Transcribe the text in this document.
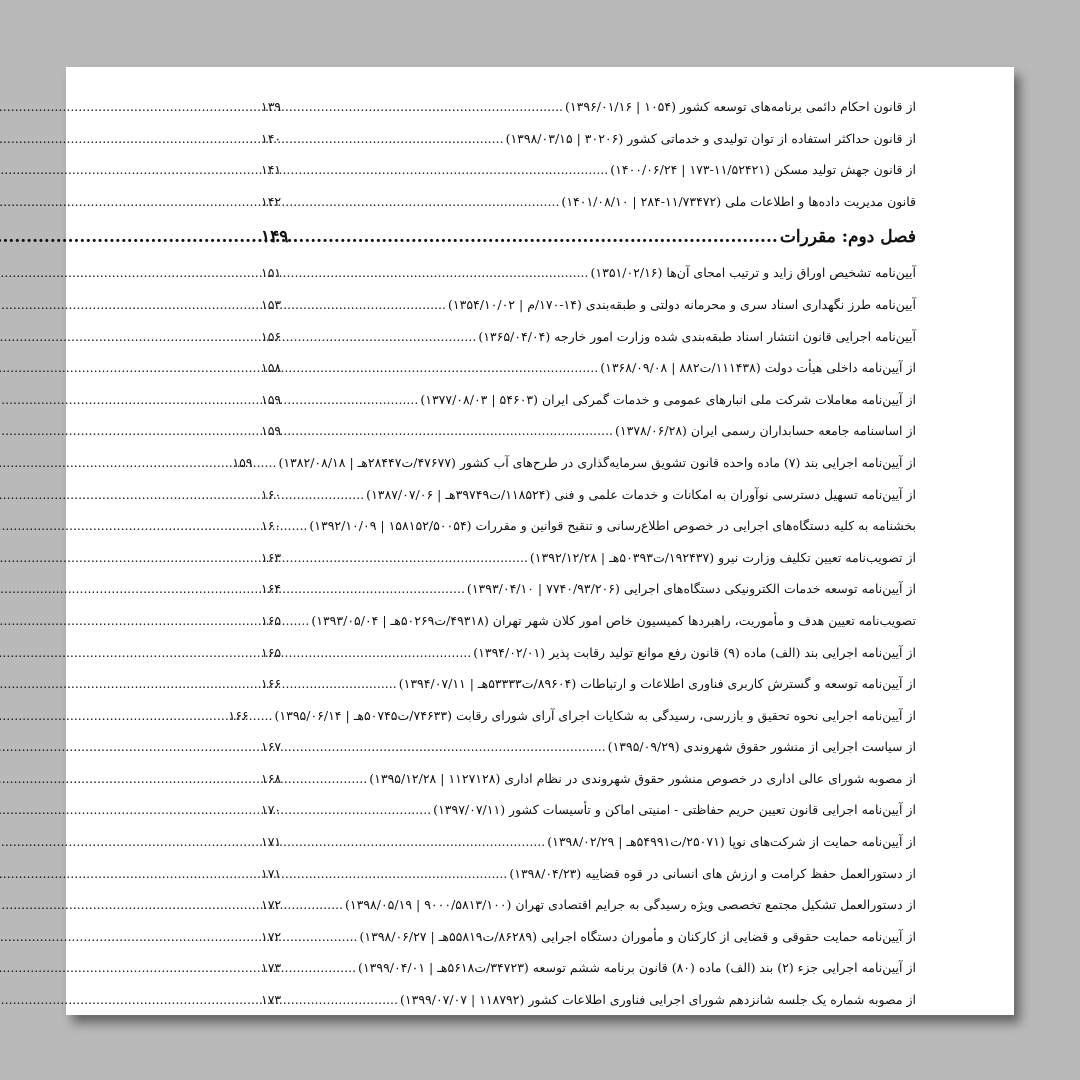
از قانون احکام دائمی برنامه‌های توسعه کشور (۱۰۵۴ | ۱۳۹۶/۰۱/۱۶)
.....
۱۳۹
از قانون حداکثر استفاده از توان تولیدی و خدماتی کشور (۳۰۲۰۶ | ۱۳۹۸/۰۳/۱۵)
.....
۱۴۰
از قانون جهش تولید مسکن (۱۱/۵۲۴۲۱-۱۷۳ | ۱۴۰۰/۰۶/۲۴)
.....
۱۴۱
قانون مدیریت داده‌ها و اطلاعات ملی (۱۱/۷۳۴۷۲-۲۸۴ | ۱۴۰۱/۰۸/۱۰)
.....
۱۴۲
فصل دوم: مقررات
.....
۱۴۹
آیین‌نامه تشخیص اوراق زاید و ترتیب امحای آن‌ها (۱۳۵۱/۰۲/۱۶)
.....
۱۵۱
آیین‌نامه طرز نگهداری اسناد سری و محرمانه دولتی و طبقه‌بندی (۱۴-۱۷۰/م | ۱۳۵۴/۱۰/۰۲)
.....
۱۵۳
آیین‌نامه اجرایی قانون انتشار اسناد طبقه‌بندی شده وزارت امور خارجه (۱۳۶۵/۰۴/۰۴)
.....
۱۵۶
از آیین‌نامه داخلی هیأت دولت (۱۱۱۴۳۸/ت۸۸۲ | ۱۳۶۸/۰۹/۰۸)
.....
۱۵۸
از آیین‌نامه معاملات شرکت ملی انبارهای عمومی و خدمات گمرکی ایران (۵۴۶۰۳ | ۱۳۷۷/۰۸/۰۳)
.....
۱۵۹
از اساسنامه جامعه حسابداران رسمی ایران (۱۳۷۸/۰۶/۲۸)
.....
۱۵۹
از آیین‌نامه اجرایی بند (۷) ماده واحده قانون تشویق سرمایه‌گذاری در طرح‌های آب کشور (۴۷۶۷۷/ت۲۸۴۴۷هـ | ۱۳۸۲/۰۸/۱۸)
.....
۱۵۹
از آیین‌نامه تسهیل دسترسی نوآوران به امکانات و خدمات علمی و فنی (۱۱۸۵۲۴/ت۳۹۷۴۹هـ | ۱۳۸۷/۰۷/۰۶)
.....
۱۶۰
بخشنامه به کلیه دستگاه‌های اجرایی در خصوص اطلاع‌رسانی و تنقیح قوانین و مقررات (۱۵۸۱۵۲/۵۰۰۵۴ | ۱۳۹۲/۱۰/۰۹)
.....
۱۶۰
از تصویب‌نامه تعیین تکلیف وزارت نیرو (۱۹۲۴۳۷/ت۵۰۳۹۳هـ | ۱۳۹۲/۱۲/۲۸)
.....
۱۶۳
از آیین‌نامه توسعه خدمات الکترونیکی دستگاه‌های اجرایی (۷۷۴۰/۹۳/۲۰۶ | ۱۳۹۳/۰۴/۱۰)
.....
۱۶۴
تصویب‌نامه تعیین هدف و مأموریت، راهبردها کمیسیون خاص امور کلان شهر تهران (۴۹۳۱۸/ت۵۰۲۶۹هـ | ۱۳۹۳/۰۵/۰۴)
.....
۱۶۵
از آیین‌نامه اجرایی بند (الف) ماده (۹) قانون رفع موانع تولید رقابت پذیر (۱۳۹۴/۰۲/۰۱)
.....
۱۶۵
از آیین‌نامه توسعه و گسترش کاربری فناوری اطلاعات و ارتباطات (۸۹۶۰۴/ت۵۳۳۳۳هـ | ۱۳۹۴/۰۷/۱۱)
.....
۱۶۶
از آیین‌نامه اجرایی نحوه تحقیق و بازرسی، رسیدگی به شکایات اجرای آرای شورای رقابت (۷۴۶۳۳/ت۵۰۷۴۵هـ | ۱۳۹۵/۰۶/۱۴)
.....
۱۶۶
از سیاست اجرایی از منشور حقوق شهروندی (۱۳۹۵/۰۹/۲۹)
.....
۱۶۷
از مصوبه شورای عالی اداری در خصوص منشور حقوق شهروندی در نظام اداری (۱۱۲۷۱۲۸ | ۱۳۹۵/۱۲/۲۸)
.....
۱۶۸
از آیین‌نامه اجرایی قانون تعیین حریم حفاظتی - امنیتی اماکن و تأسیسات کشور (۱۳۹۷/۰۷/۱۱)
.....
۱۷۰
از آیین‌نامه حمایت از شرکت‌های نوپا (۲۵۰۷۱/ت۵۴۹۹۱هـ | ۱۳۹۸/۰۲/۲۹)
.....
۱۷۱
از دستورالعمل حفظ کرامت و ارزش های انسانی در قوه قضاییه (۱۳۹۸/۰۴/۲۳)
.....
۱۷۱
از دستورالعمل تشکیل مجتمع تخصصی ویژه رسیدگی به جرایم اقتصادی تهران (۹۰۰۰/۵۸۱۳/۱۰۰ | ۱۳۹۸/۰۵/۱۹)
.....
۱۷۲
از آیین‌نامه حمایت حقوقی و قضایی از کارکنان و مأموران دستگاه اجرایی (۸۶۲۸۹/ت۵۵۸۱۹هـ | ۱۳۹۸/۰۶/۲۷)
.....
۱۷۲
از آیین‌نامه اجرایی جزء (۲) بند (الف) ماده (۸۰) قانون برنامه ششم توسعه (۳۴۷۲۳/ت۵۶۱۸هـ | ۱۳۹۹/۰۴/۰۱)
.....
۱۷۳
از مصوبه شماره یک جلسه شانزدهم شورای اجرایی فناوری اطلاعات کشور (۱۱۸۷۹۲ | ۱۳۹۹/۰۷/۰۷)
.....
۱۷۳
